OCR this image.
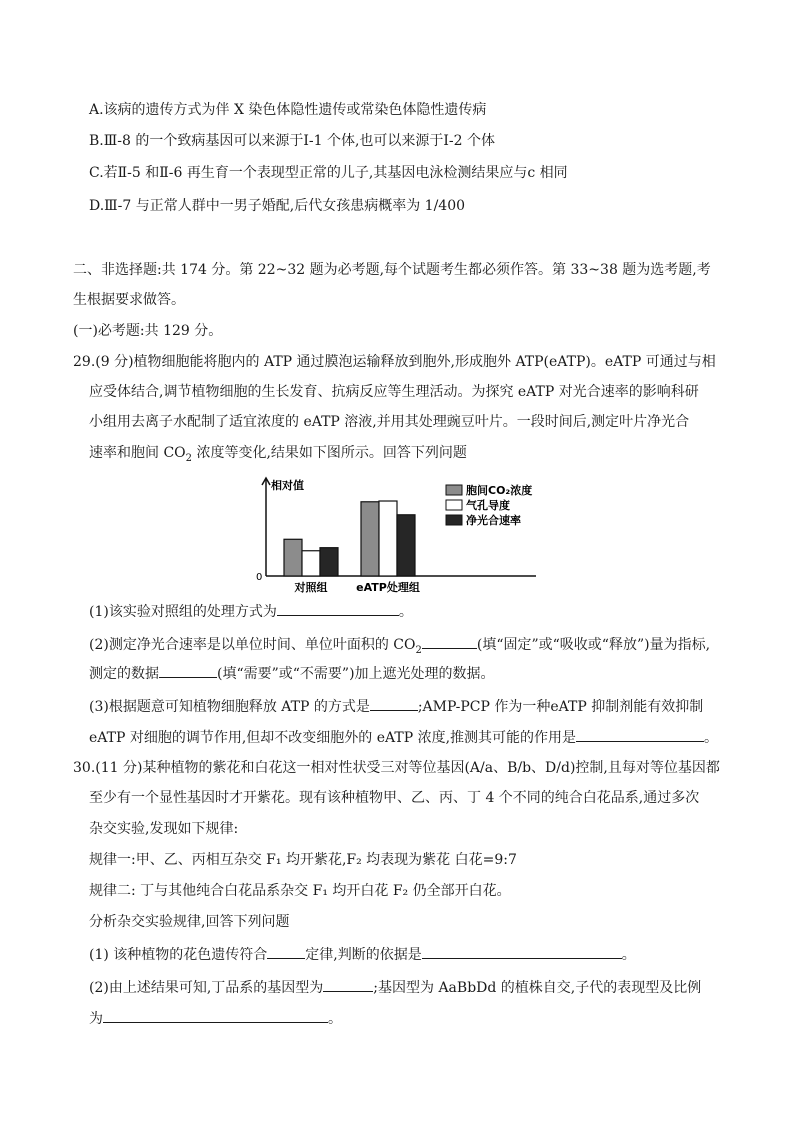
A.该病的遗传方式为伴 X 染色体隐性遗传或常染色体隐性遗传病
B.Ⅲ-8 的一个致病基因可以来源于Ⅰ-1 个体,也可以来源于Ⅰ-2 个体
C.若Ⅱ-5 和Ⅱ-6 再生育一个表现型正常的儿子,其基因电泳检测结果应与c 相同
D.Ⅲ-7 与正常人群中一男子婚配,后代女孩患病概率为 1/400
二、非选择题:共 174 分。第 22~32 题为必考题,每个试题考生都必须作答。第 33~38 题为选考题,考
生根据要求做答。
(一)必考题:共 129 分。
29.(9 分)植物细胞能将胞内的 ATP 通过膜泡运输释放到胞外,形成胞外 ATP(eATP)。eATP 可通过与相
应受体结合,调节植物细胞的生长发育、抗病反应等生理活动。为探究 eATP 对光合速率的影响科研
小组用去离子水配制了适宜浓度的 eATP 溶液,并用其处理豌豆叶片。一段时间后,测定叶片净光合
速率和胞间 $CO_2$ 浓度等变化,结果如下图所示。回答下列问题
相对值
0
对照组	eATP处理组
胞间CO₂浓度
气孔导度
净光合速率
(1)该实验对照组的处理方式为	。
(2)测定净光合速率是以单位时间、单位叶面积的 $CO_2$	(填“固定”或“吸收或“释放”)量为指标,
测定的数据	(填“需要”或“不需要”)加上遮光处理的数据。
(3)根据题意可知植物细胞释放 ATP 的方式是	;AMP-PCP 作为一种eATP 抑制剂能有效抑制
eATP 对细胞的调节作用,但却不改变细胞外的 eATP 浓度,推测其可能的作用是	。
30.(11 分)某种植物的紫花和白花这一相对性状受三对等位基因(A/a、B/b、D/d)控制,且每对等位基因都
至少有一个显性基因时才开紫花。现有该种植物甲、乙、丙、丁 4 个不同的纯合白花品系,通过多次
杂交实验,发现如下规律:
规律一:甲、乙、丙相互杂交 F₁ 均开紫花,F₂ 均表现为紫花 白花=9:7
规律二: 丁与其他纯合白花品系杂交 F₁ 均开白花 F₂ 仍全部开白花。
分析杂交实验规律,回答下列问题
(1) 该种植物的花色遗传符合	定律,判断的依据是	。
(2)由上述结果可知,丁品系的基因型为	;基因型为 AaBbDd 的植株自交,子代的表现型及比例
为	。
